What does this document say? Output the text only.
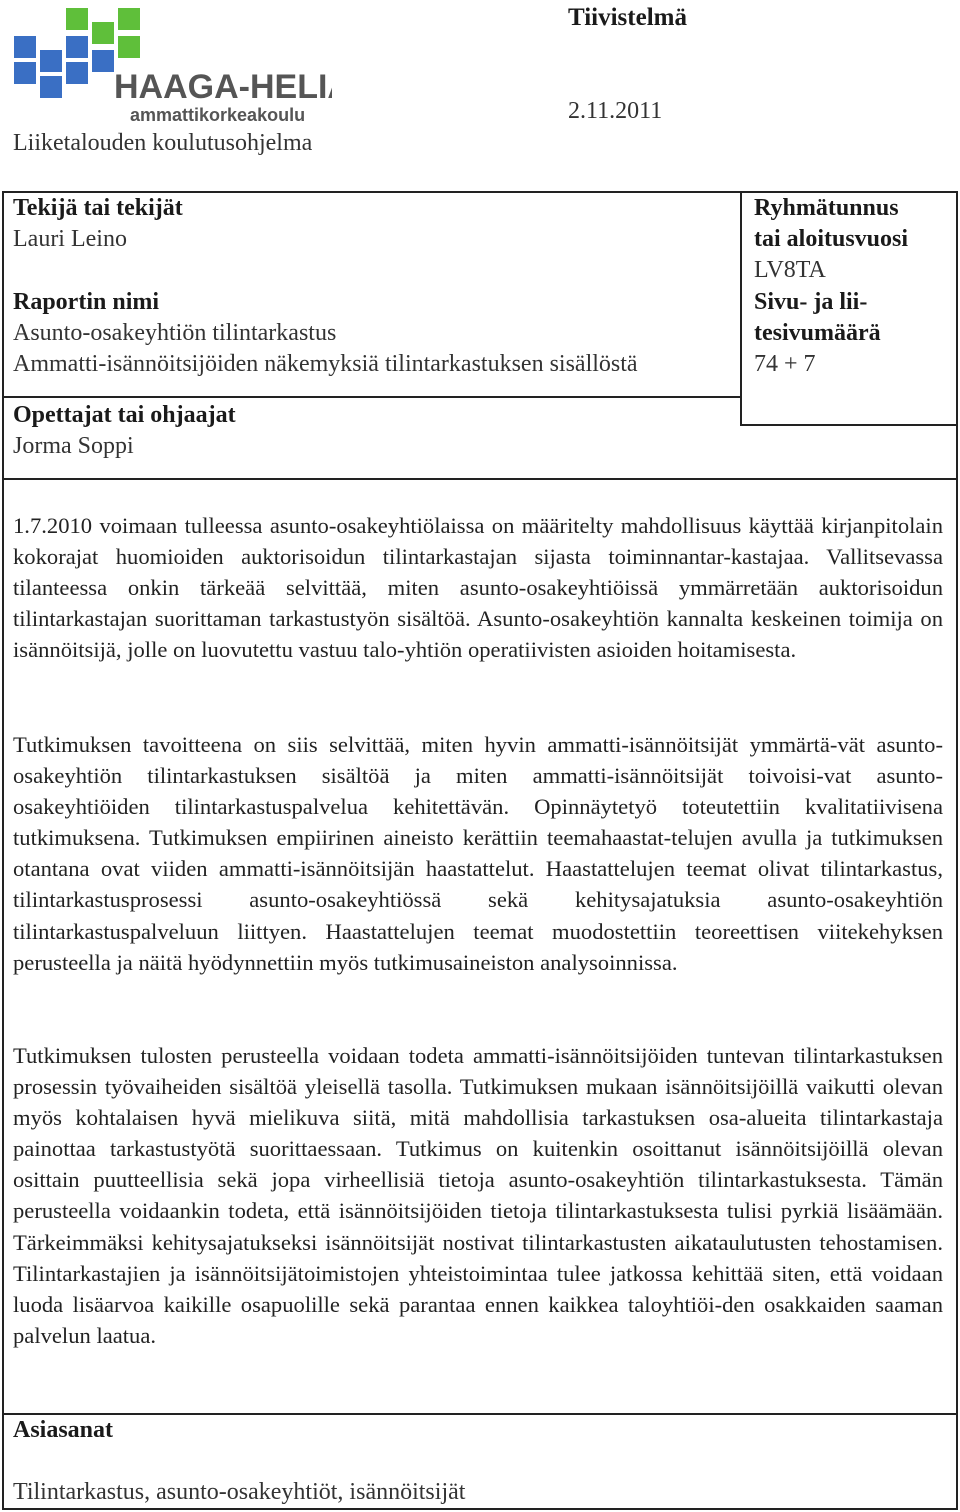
HAAGA-HELIA
ammattikorkeakoulu
Liiketalouden koulutusohjelma
Tiivistelmä
2.11.2011
Tekijä tai tekijät
Lauri Leino
Raportin nimi
Asunto-osakeyhtiön tilintarkastus
Ammatti-isännöitsijöiden näkemyksiä tilintarkastuksen sisällöstä
Opettajat tai ohjaajat
Jorma Soppi
Ryhmätunnus
tai aloitusvuosi
LV8TA
Sivu- ja lii-
tesivumäärä
74 + 7
1.7.2010 voimaan tulleessa asunto-osakeyhtiölaissa on määritelty mahdollisuus käyttää kirjanpitolain kokorajat huomioiden auktorisoidun tilintarkastajan sijasta toiminnantar-kastajaa. Vallitsevassa tilanteessa onkin tärkeää selvittää, miten asunto-osakeyhtiöissä ymmärretään auktorisoidun tilintarkastajan suorittaman tarkastustyön sisältöä. Asunto-osakeyhtiön kannalta keskeinen toimija on isännöitsijä, jolle on luovutettu vastuu talo-yhtiön operatiivisten asioiden hoitamisesta.
Tutkimuksen tavoitteena on siis selvittää, miten hyvin ammatti-isännöitsijät ymmärtä-vät asunto-osakeyhtiön tilintarkastuksen sisältöä ja miten ammatti-isännöitsijät toivoisi-vat asunto-osakeyhtiöiden tilintarkastuspalvelua kehitettävän. Opinnäytetyö toteutettiin kvalitatiivisena tutkimuksena. Tutkimuksen empiirinen aineisto kerättiin teemahaastat-telujen avulla ja tutkimuksen otantana ovat viiden ammatti-isännöitsijän haastattelut. Haastattelujen teemat olivat tilintarkastus, tilintarkastusprosessi asunto-osakeyhtiössä sekä kehitysajatuksia asunto-osakeyhtiön tilintarkastuspalveluun liittyen. Haastattelujen teemat muodostettiin teoreettisen viitekehyksen perusteella ja näitä hyödynnettiin myös tutkimusaineiston analysoinnissa.
Tutkimuksen tulosten perusteella voidaan todeta ammatti-isännöitsijöiden tuntevan tilintarkastuksen prosessin työvaiheiden sisältöä yleisellä tasolla. Tutkimuksen mukaan isännöitsijöillä vaikutti olevan myös kohtalaisen hyvä mielikuva siitä, mitä mahdollisia tarkastuksen osa-alueita tilintarkastaja painottaa tarkastustyötä suorittaessaan. Tutkimus on kuitenkin osoittanut isännöitsijöillä olevan osittain puutteellisia sekä jopa virheellisiä tietoja asunto-osakeyhtiön tilintarkastuksesta. Tämän perusteella voidaankin todeta, että isännöitsijöiden tietoja tilintarkastuksesta tulisi pyrkiä lisäämään. Tärkeimmäksi kehitysajatukseksi isännöitsijät nostivat tilintarkastusten aikataulutusten tehostamisen. Tilintarkastajien ja isännöitsijätoimistojen yhteistoimintaa tulee jatkossa kehittää siten, että voidaan luoda lisäarvoa kaikille osapuolille sekä parantaa ennen kaikkea taloyhtiöi-den osakkaiden saaman palvelun laatua.
Asiasanat
Tilintarkastus, asunto-osakeyhtiöt, isännöitsijät
